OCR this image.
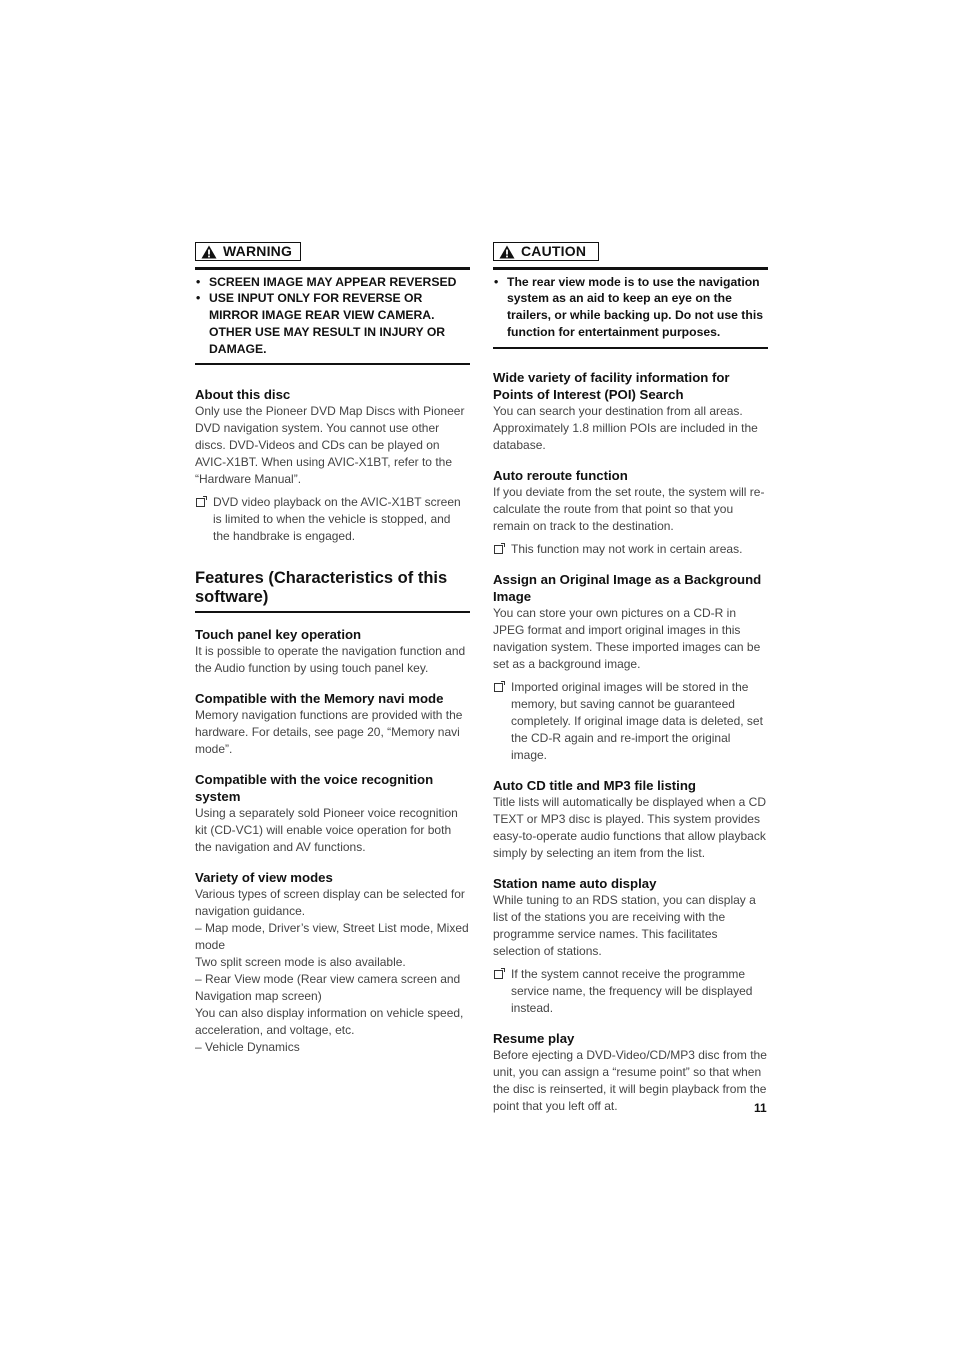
WARNING
• SCREEN IMAGE MAY APPEAR REVERSED
• USE INPUT ONLY FOR REVERSE OR MIRROR IMAGE REAR VIEW CAMERA. OTHER USE MAY RESULT IN INJURY OR DAMAGE.
About this disc

Only use the Pioneer DVD Map Discs with Pioneer DVD navigation system. You cannot use other discs. DVD-Videos and CDs can be played on AVIC-X1BT. When using AVIC-X1BT, refer to the “Hardware Manual”.

DVD video playback on the AVIC-X1BT screen is limited to when the vehicle is stopped, and the handbrake is engaged.
Features (Characteristics of this software)
Touch panel key operation

It is possible to operate the navigation function and the Audio function by using touch panel key.

Compatible with the Memory navi mode

Memory navigation functions are provided with the hardware. For details, see page 20, “Memory navi mode”.

Compatible with the voice recognition system

Using a separately sold Pioneer voice recognition kit (CD-VC1) will enable voice operation for both the navigation and AV functions.

Variety of view modes

Various types of screen display can be selected for navigation guidance.

– Map mode, Driver’s view, Street List mode, Mixed mode

Two split screen mode is also available.

– Rear View mode (Rear view camera screen and Navigation map screen)

You can also display information on vehicle speed, acceleration, and voltage, etc.

– Vehicle Dynamics

CAUTION
• The rear view mode is to use the navigation system as an aid to keep an eye on the trailers, or while backing up. Do not use this function for entertainment purposes.
Wide variety of facility information for Points of Interest (POI) Search

You can search your destination from all areas. Approximately 1.8 million POIs are included in the database.

Auto reroute function

If you deviate from the set route, the system will re-calculate the route from that point so that you remain on track to the destination.

This function may not work in certain areas.
Assign an Original Image as a Background Image

You can store your own pictures on a CD-R in JPEG format and import original images in this navigation system. These imported images can be set as a background image.

Imported original images will be stored in the memory, but saving cannot be guaranteed completely. If original image data is deleted, set the CD-R again and re-import the original image.
Auto CD title and MP3 file listing

Title lists will automatically be displayed when a CD TEXT or MP3 disc is played. This system provides easy-to-operate audio functions that allow playback simply by selecting an item from the list.

Station name auto display

While tuning to an RDS station, you can display a list of the stations you are receiving with the programme service names. This facilitates selection of stations.

If the system cannot receive the programme service name, the frequency will be displayed instead.
Resume play

Before ejecting a DVD-Video/CD/MP3 disc from the unit, you can assign a “resume point” so that when the disc is reinserted, it will begin playback from the point that you left off at.	11
